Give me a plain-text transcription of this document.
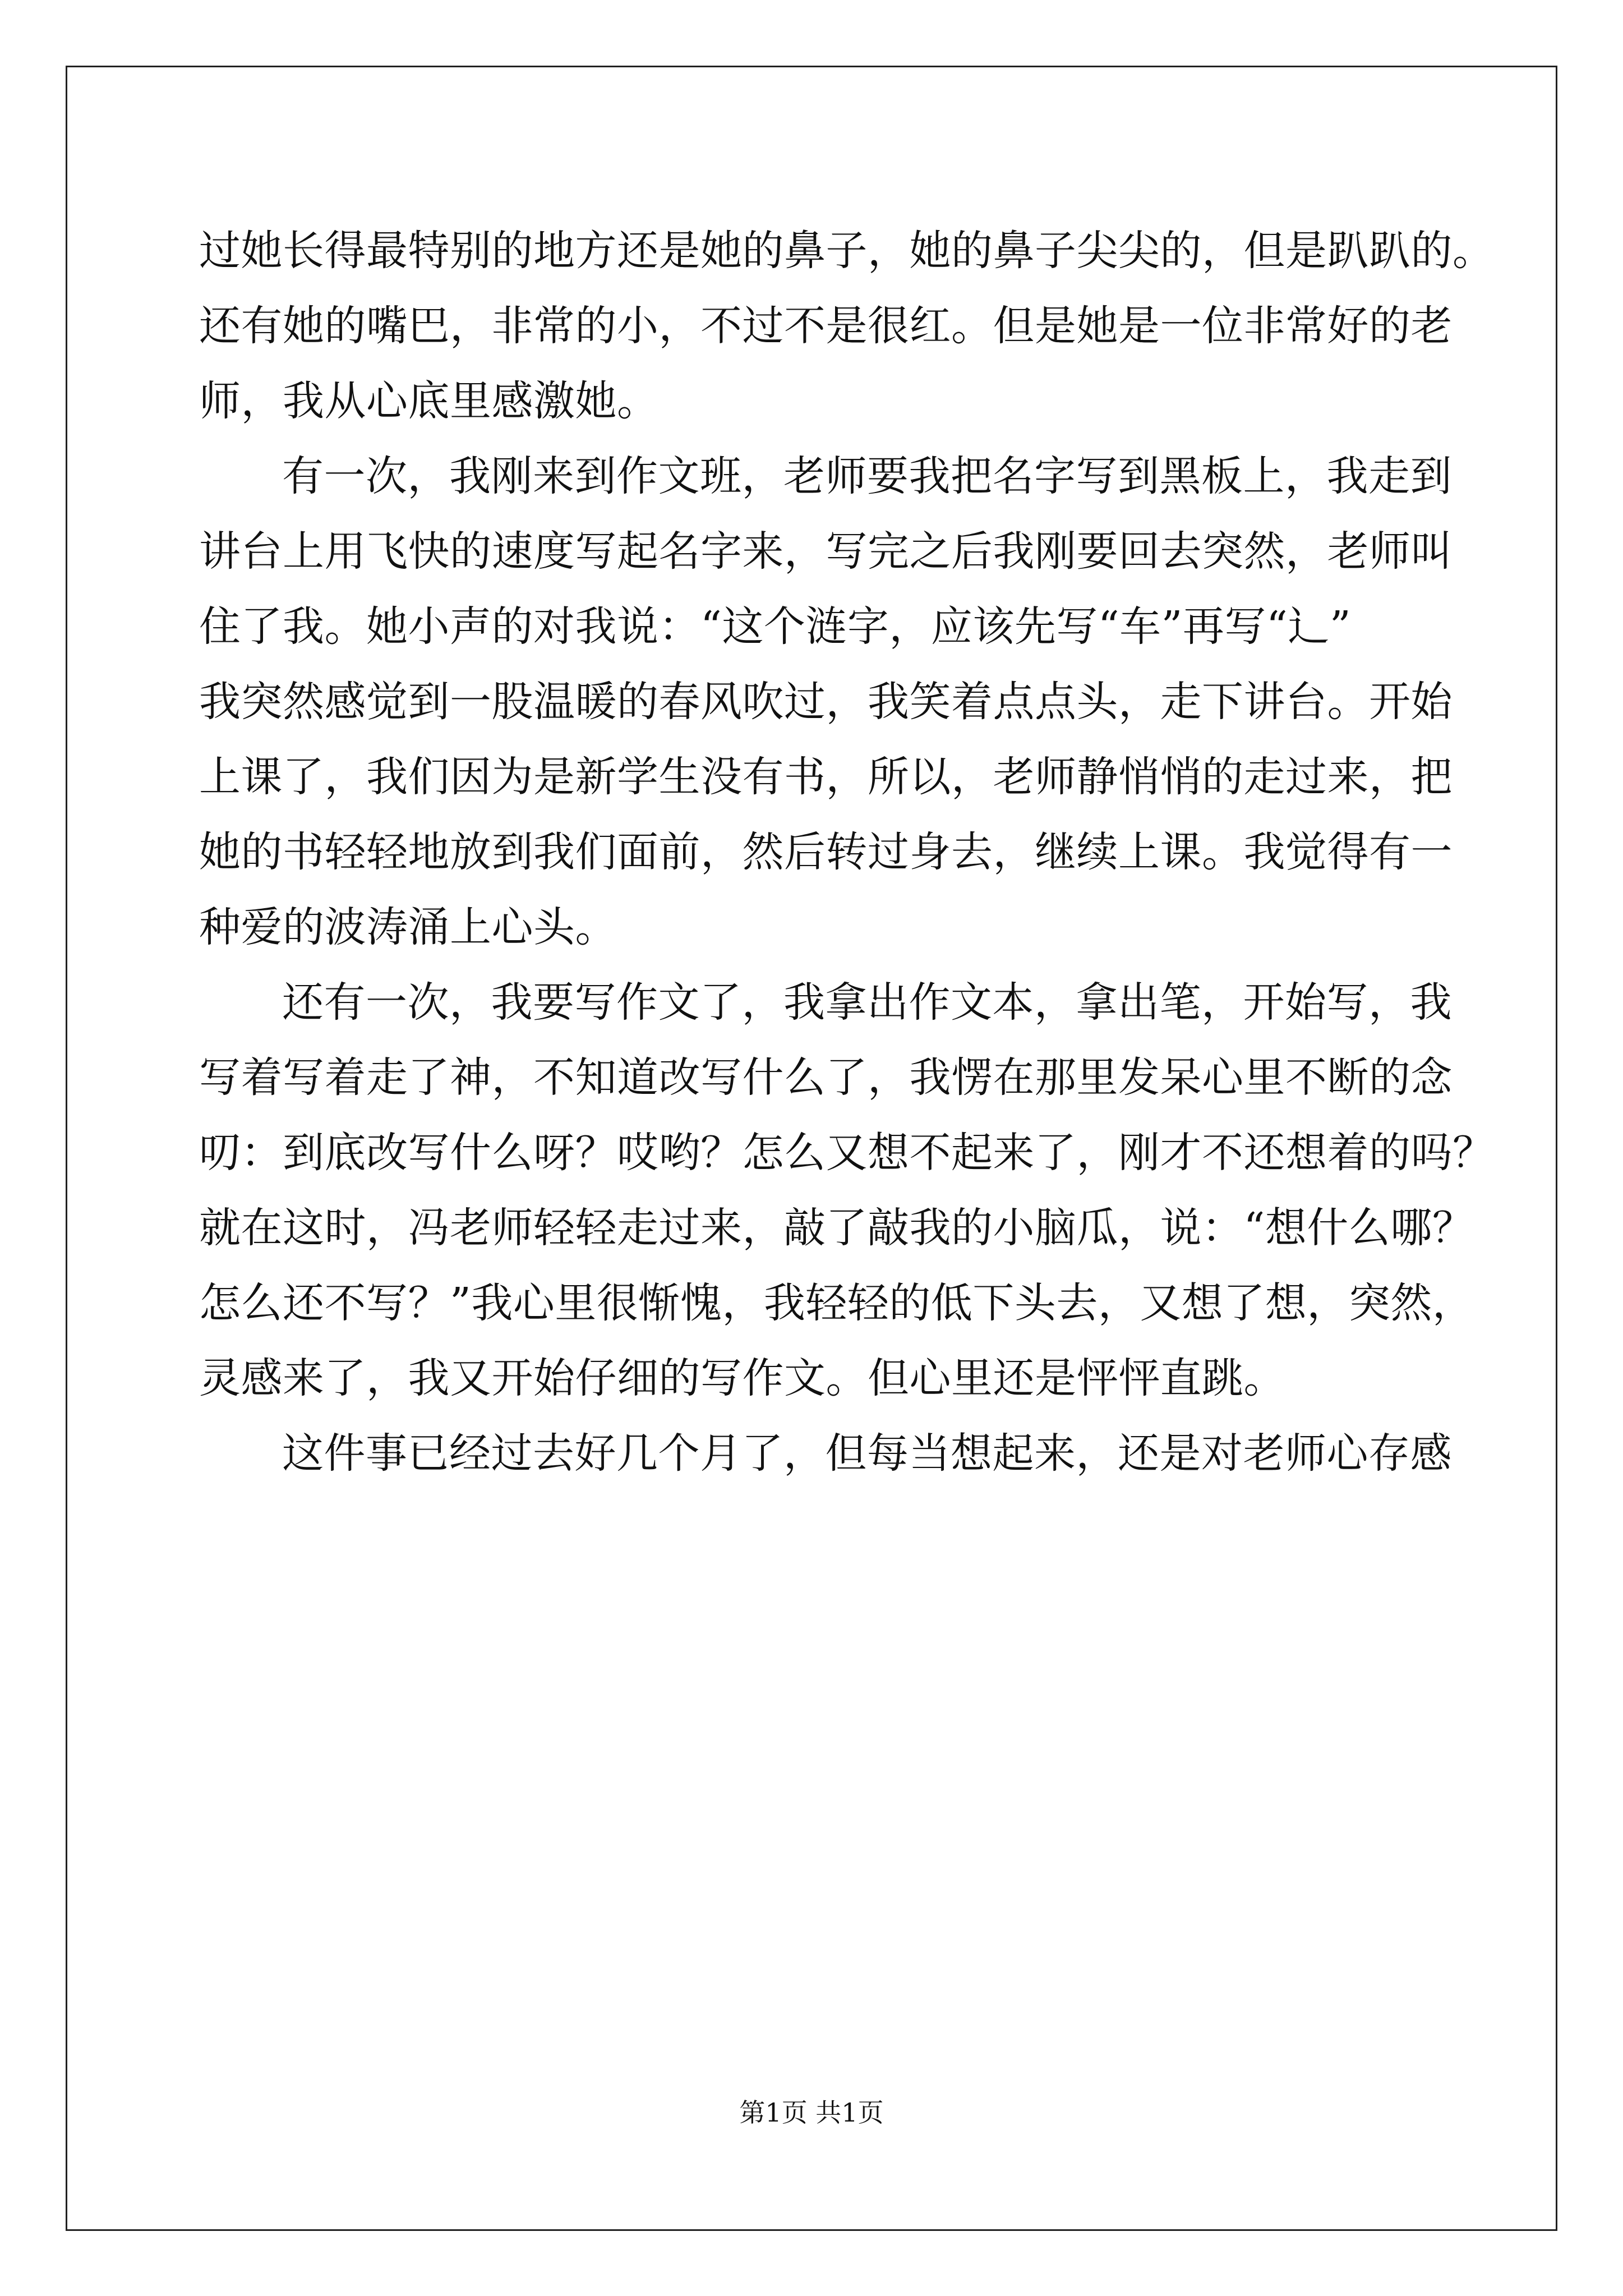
过她长得最特别的地方还是她的鼻子，她的鼻子尖尖的，但是趴趴的。
还有她的嘴巴，非常的小，不过不是很红。但是她是一位非常好的老
师，我从心底里感激她。
有一次，我刚来到作文班，老师要我把名字写到黑板上，我走到
讲台上用飞快的速度写起名字来，写完之后我刚要回去突然，老师叫
住了我。她小声的对我说：“这个涟字，应该先写“车”再写“辶”
我突然感觉到一股温暖的春风吹过，我笑着点点头，走下讲台。开始
上课了，我们因为是新学生没有书，所以，老师静悄悄的走过来，把
她的书轻轻地放到我们面前，然后转过身去，继续上课。我觉得有一
种爱的波涛涌上心头。
还有一次，我要写作文了，我拿出作文本，拿出笔，开始写，我
写着写着走了神，不知道改写什么了，我愣在那里发呆心里不断的念
叨：到底改写什么呀？哎哟？怎么又想不起来了，刚才不还想着的吗？
就在这时，冯老师轻轻走过来，敲了敲我的小脑瓜，说：“想什么哪？
怎么还不写？”我心里很惭愧，我轻轻的低下头去，又想了想，突然，
灵感来了，我又开始仔细的写作文。但心里还是怦怦直跳。
这件事已经过去好几个月了，但每当想起来，还是对老师心存感
第1页 共1页
